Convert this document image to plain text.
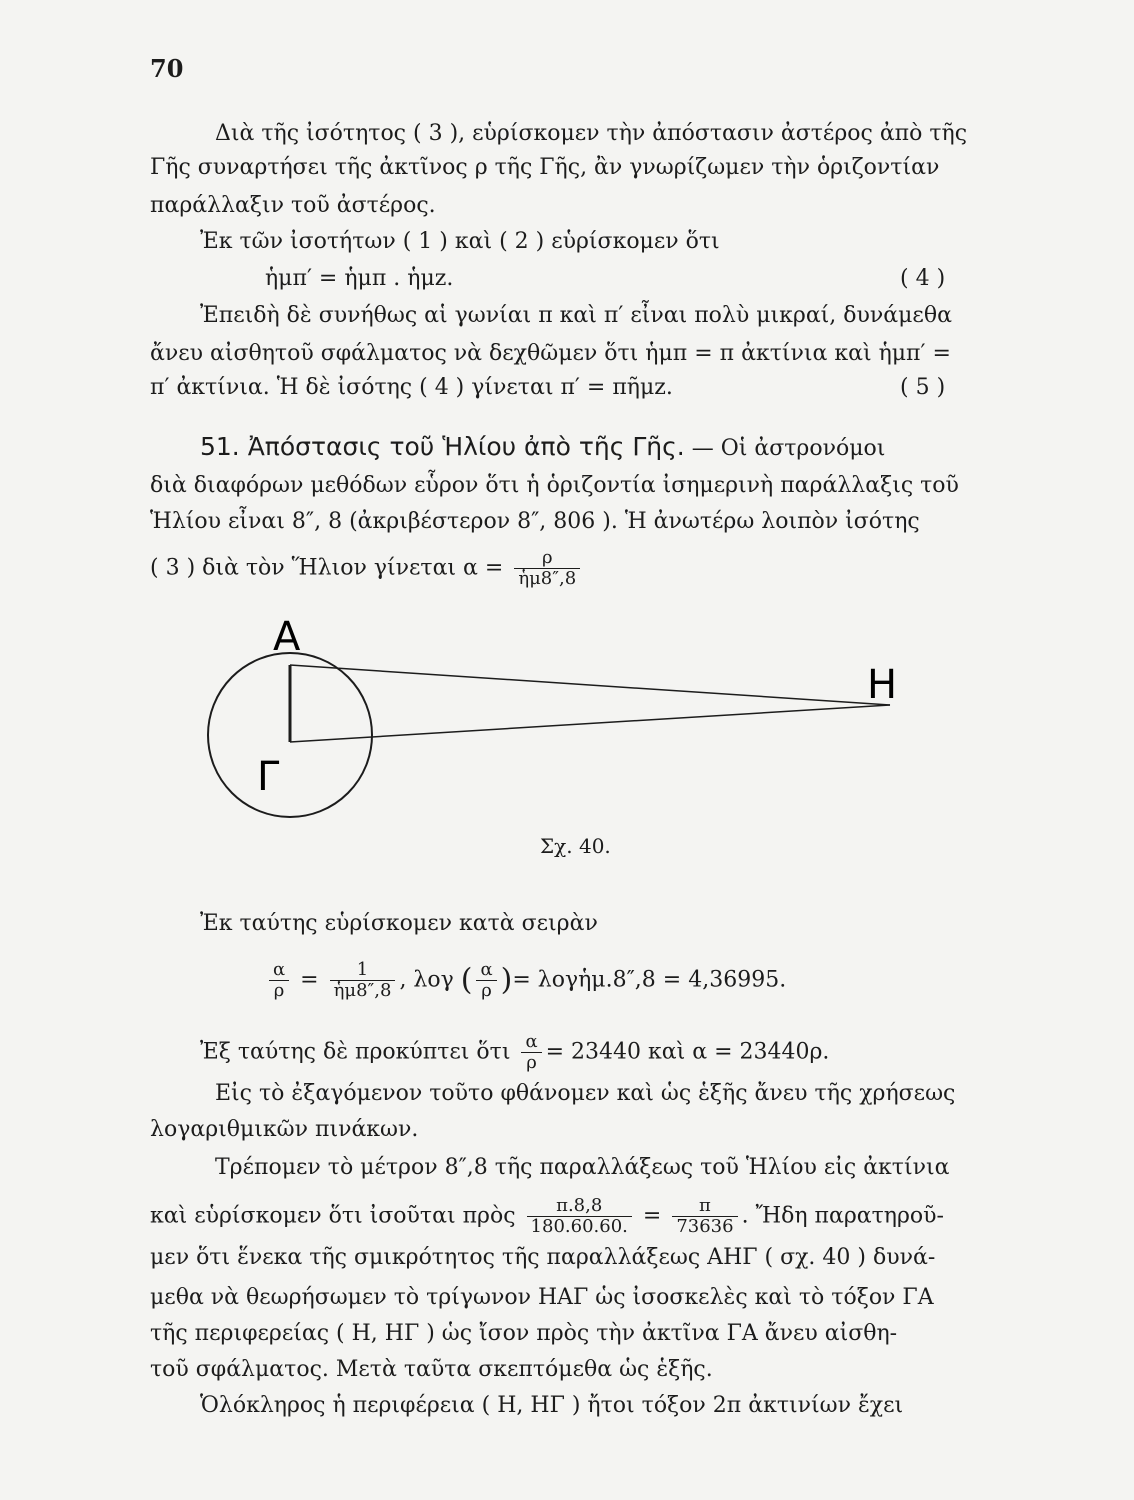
70
Διὰ τῆς ἰσότητος ( 3 ), εὑρίσκομεν τὴν ἀπόστασιν ἀστέρος ἀπὸ τῆς
Γῆς συναρτήσει τῆς ἀκτῖνος ρ τῆς Γῆς, ἂν γνωρίζωμεν τὴν ὁριζοντίαν
παράλλαξιν τοῦ ἀστέρος.
Ἐκ τῶν ἰσοτήτων ( 1 ) καὶ ( 2 ) εὑρίσκομεν ὅτι
ἡμπ′ = ἡμπ . ἡμz.	( 4 )
Ἐπειδὴ δὲ συνήθως αἱ γωνίαι π καὶ π′ εἶναι πολὺ μικραί, δυνάμεθα
ἄνευ αἰσθητοῦ σφάλματος νὰ δεχθῶμεν ὅτι ἡμπ = π ἀκτίνια καὶ ἡμπ′ =
π′ ἀκτίνια. Ἡ δὲ ἰσότης ( 4 ) γίνεται π′ = πῆμz.	( 5 )
51. Ἀπόστασις τοῦ Ἡλίου ἀπὸ τῆς Γῆς. — Οἱ ἀστρονόμοι
διὰ διαφόρων μεθόδων εὗρον ὅτι ἡ ὁριζοντία ἰσημερινὴ παράλλαξις τοῦ
Ἡλίου εἶναι 8″, 8 (ἀκριβέστερον 8″, 806 ). Ἡ ἀνωτέρω λοιπὸν ἰσότης
( 3 ) διὰ τὸν Ἥλιον γίνεται $\alpha = \frac{\rho}{\text{ἡμ8″,8}}$
Α
Η
Γ
Σχ. 40.
Ἐκ ταύτης εὑρίσκομεν κατὰ σειρὰν
$\frac{\alpha}{\rho} = \frac{1}{\text{ἡμ8″,8}}$ , λογ ( $\frac{\alpha}{\rho}$ )= λογἡμ.8″,8 = 4,36995.
Ἐξ ταύτης δὲ προκύπτει ὅτι $\frac{\alpha}{\rho} = 23440$ καὶ α = 23440ρ.
Εἰς τὸ ἐξαγόμενον τοῦτο φθάνομεν καὶ ὡς ἑξῆς ἄνευ τῆς χρήσεως
λογαριθμικῶν πινάκων.
Τρέπομεν τὸ μέτρον 8″,8 τῆς παραλλάξεως τοῦ Ἡλίου εἰς ἀκτίνια
καὶ εὑρίσκομεν ὅτι ἰσοῦται πρὸς $\frac{\pi.8,8}{180.60.60.} = \frac{\pi}{73636}$ . Ἤδη παρατηροῦ-
μεν ὅτι ἕνεκα τῆς σμικρότητος τῆς παραλλάξεως ΑΗΓ ( σχ. 40 ) δυνά-
μεθα νὰ θεωρήσωμεν τὸ τρίγωνον ΗΑΓ ὡς ἰσοσκελὲς καὶ τὸ τόξον ΓΑ
τῆς περιφερείας ( Η, ΗΓ ) ὡς ἴσον πρὸς τὴν ἀκτῖνα ΓΑ ἄνευ αἰσθη-
τοῦ σφάλματος. Μετὰ ταῦτα σκεπτόμεθα ὡς ἑξῆς.
Ὁλόκληρος ἡ περιφέρεια ( Η, ΗΓ ) ἤτοι τόξον 2π ἀκτινίων ἔχει
